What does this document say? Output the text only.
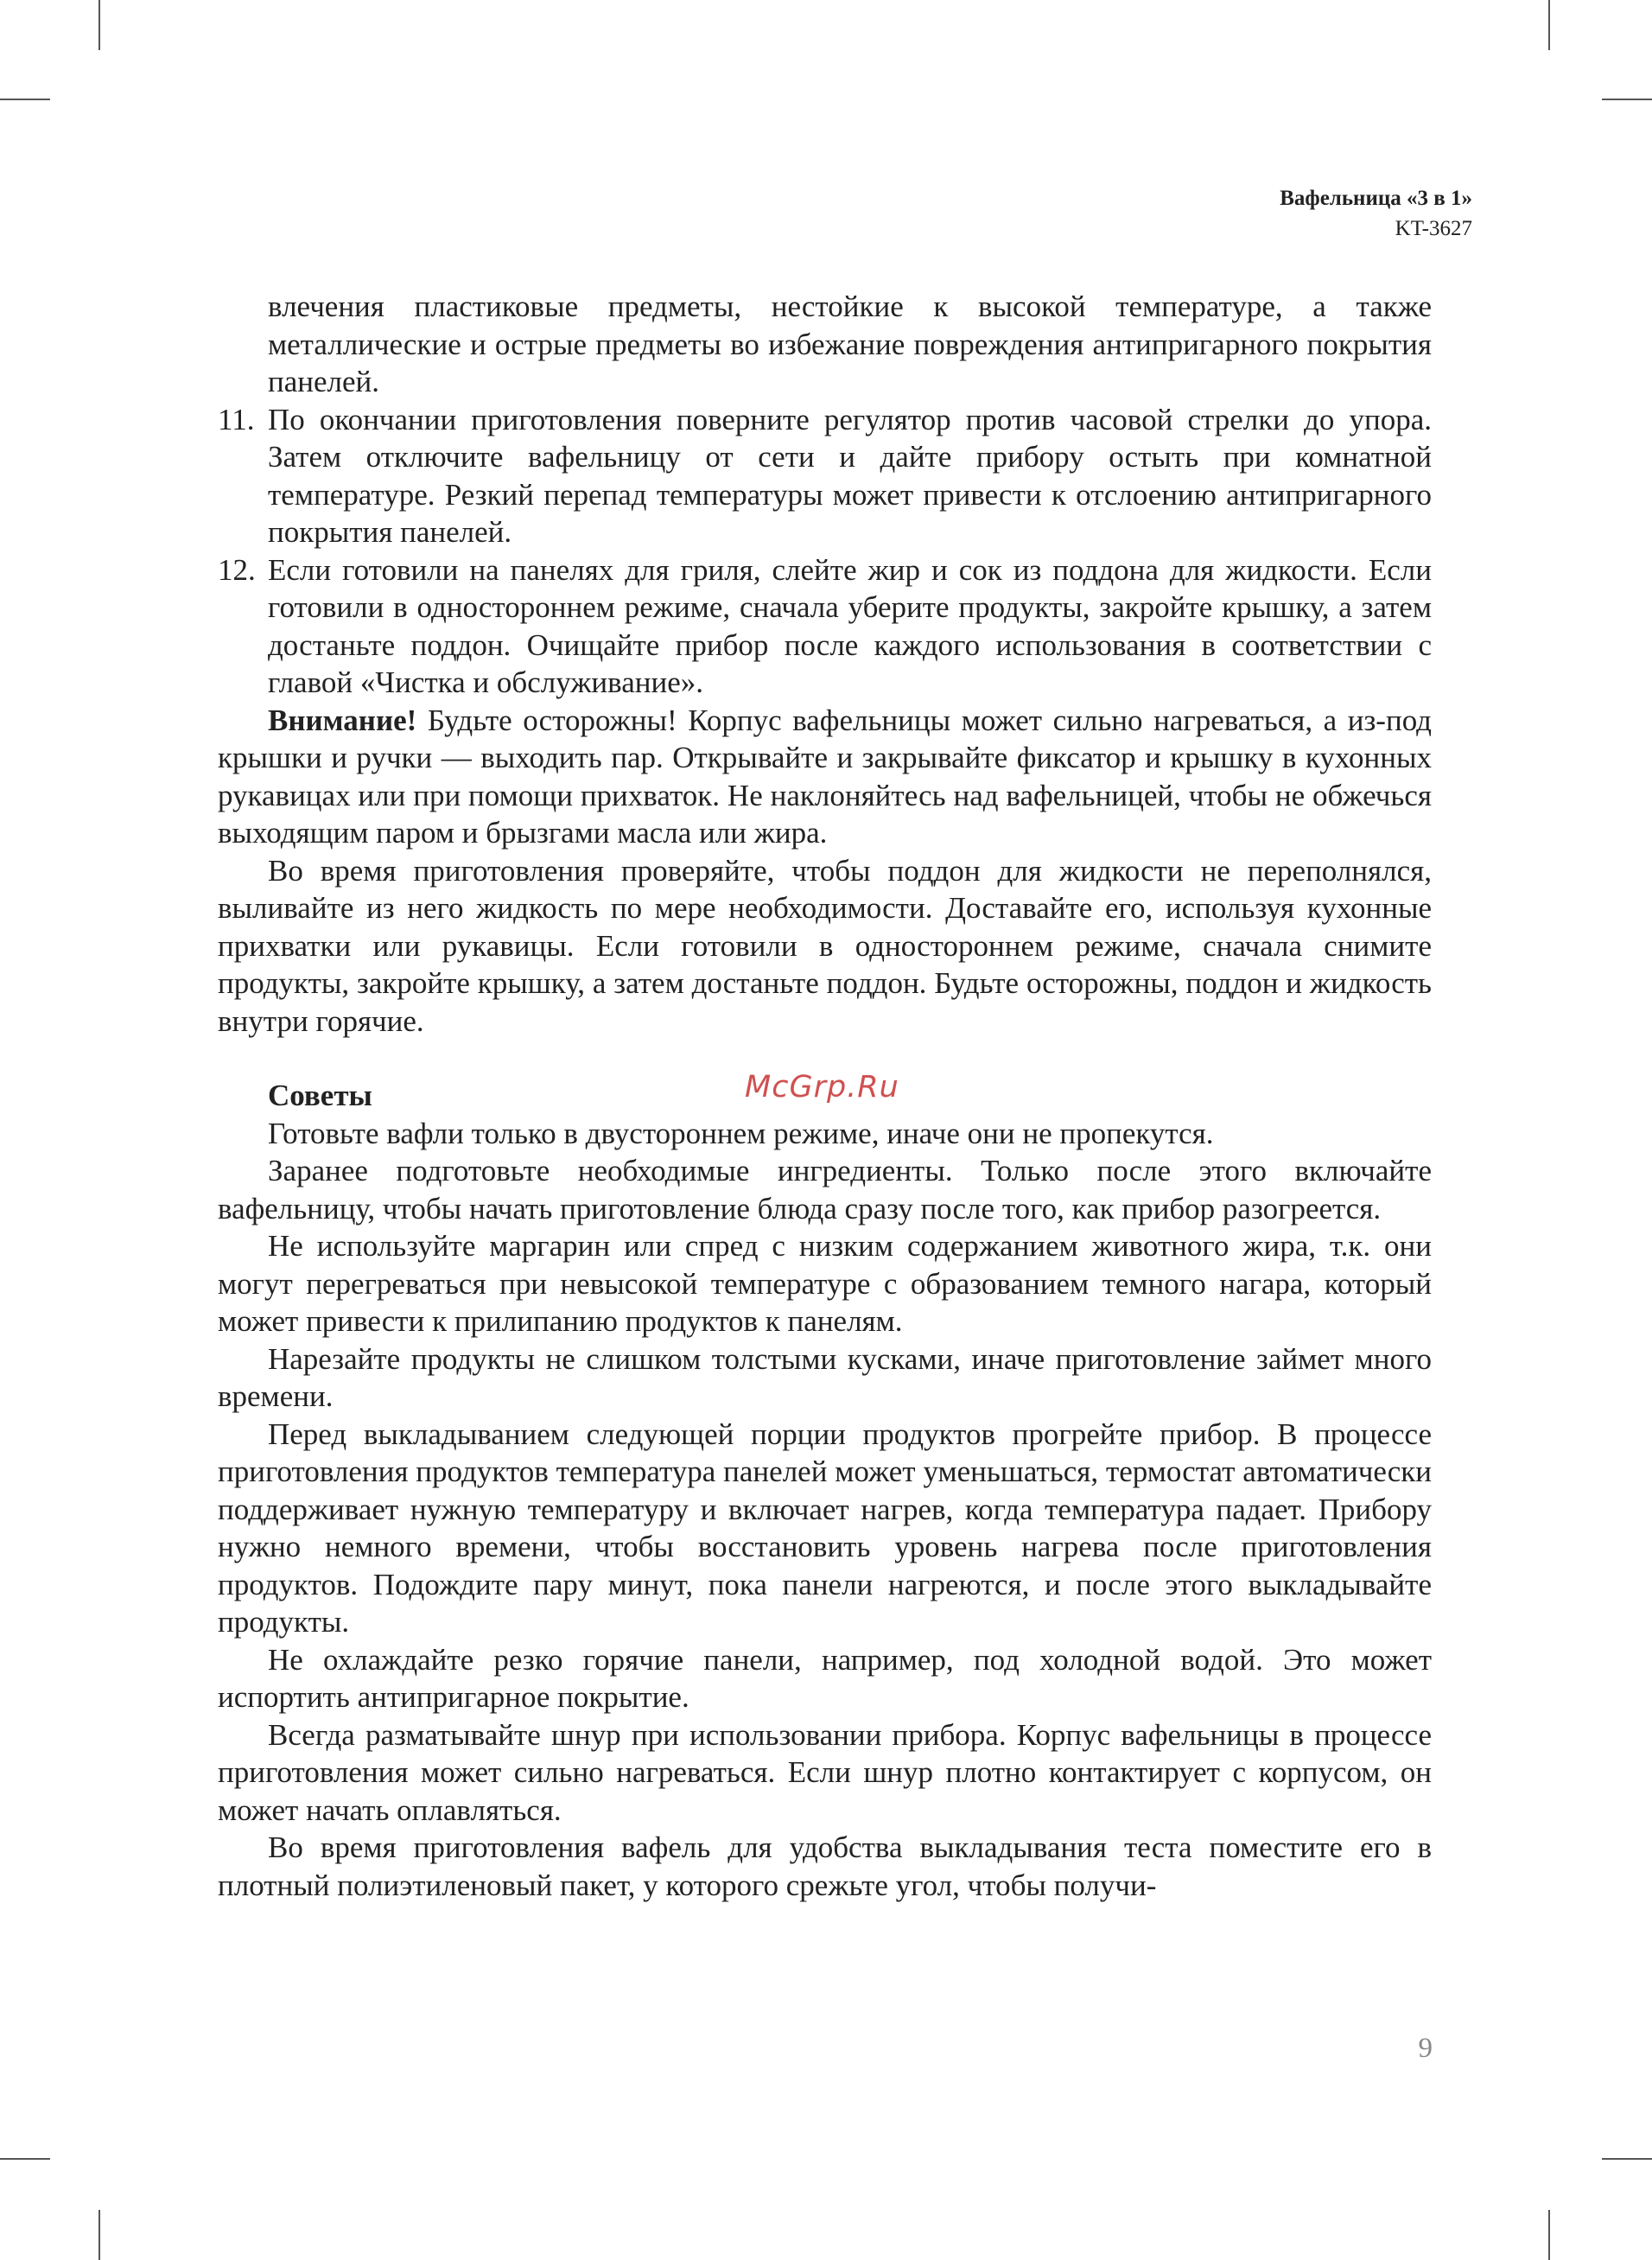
Вафельница «3 в 1»
KT-3627

влечения пластиковые предметы, нестойкие к высокой температуре, а также металлические и острые предметы во избежание повреждения антипригарного покрытия панелей.

11. По окончании приготовления поверните регулятор против часовой стрелки до упора. Затем отключите вафельницу от сети и дайте прибору остыть при комнатной температуре. Резкий перепад температуры может привести к отслоению антипригарного покрытия панелей.

12. Если готовили на панелях для гриля, слейте жир и сок из поддона для жидкости. Если готовили в одностороннем режиме, сначала уберите продукты, закройте крышку, а затем достаньте поддон. Очищайте прибор после каждого использования в соответствии с главой «Чистка и обслуживание».

Внимание! Будьте осторожны! Корпус вафельницы может сильно нагреваться, а из-под крышки и ручки — выходить пар. Открывайте и закрывайте фиксатор и крышку в кухонных рукавицах или при помощи прихваток. Не наклоняйтесь над вафельницей, чтобы не обжечься выходящим паром и брызгами масла или жира.

Во время приготовления проверяйте, чтобы поддон для жидкости не переполнялся, выливайте из него жидкость по мере необходимости. Доставайте его, используя кухонные прихватки или рукавицы. Если готовили в одностороннем режиме, сначала снимите продукты, закройте крышку, а затем достаньте поддон. Будьте осторожны, поддон и жидкость внутри горячие.

Советы

Готовьте вафли только в двустороннем режиме, иначе они не пропекутся.

Заранее подготовьте необходимые ингредиенты. Только после этого включайте вафельницу, чтобы начать приготовление блюда сразу после того, как прибор разогреется.

Не используйте маргарин или спред с низким содержанием животного жира, т.к. они могут перегреваться при невысокой температуре с образованием темного нагара, который может привести к прилипанию продуктов к панелям.

Нарезайте продукты не слишком толстыми кусками, иначе приготовление займет много времени.

Перед выкладыванием следующей порции продуктов прогрейте прибор. В процессе приготовления продуктов температура панелей может уменьшаться, термостат автоматически поддерживает нужную температуру и включает нагрев, когда температура падает. Прибору нужно немного времени, чтобы восстановить уровень нагрева после приготовления продуктов. Подождите пару минут, пока панели нагреются, и после этого выкладывайте продукты.

Не охлаждайте резко горячие панели, например, под холодной водой. Это может испортить антипригарное покрытие.

Всегда разматывайте шнур при использовании прибора. Корпус вафельницы в процессе приготовления может сильно нагреваться. Если шнур плотно контактирует с корпусом, он может начать оплавляться.

Во время приготовления вафель для удобства выкладывания теста поместите его в плотный полиэтиленовый пакет, у которого срежьте угол, чтобы получи-

McGrp.Ru
9
